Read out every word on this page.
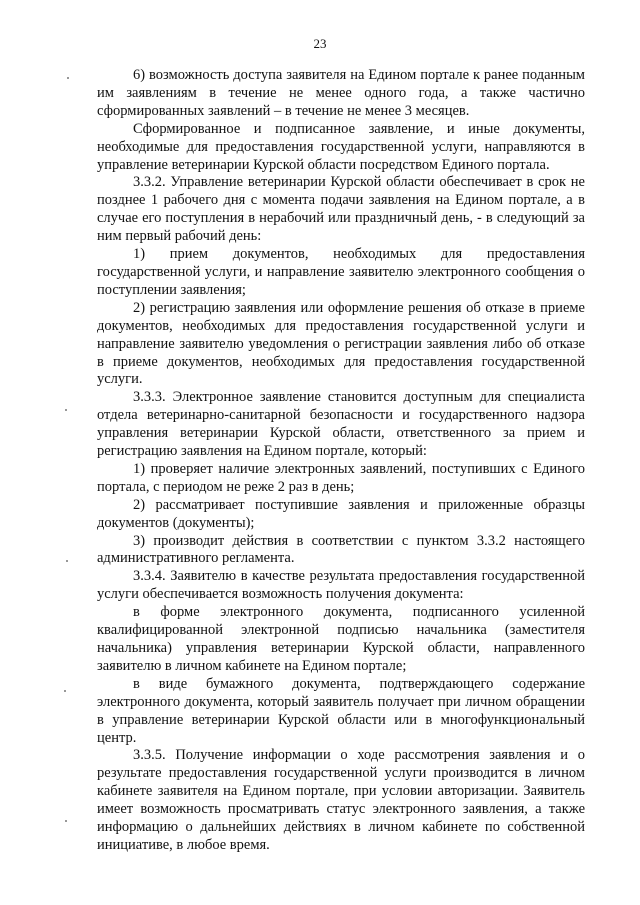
23

6) возможность доступа заявителя на Едином портале к ранее поданным им заявлениям в течение не менее одного года, а также частично сформированных заявлений – в течение не менее 3 месяцев.

Сформированное и подписанное заявление, и иные документы, необходимые для предоставления государственной услуги, направляются в управление ветеринарии Курской области посредством Единого портала.

3.3.2. Управление ветеринарии Курской области обеспечивает в срок не позднее 1 рабочего дня с момента подачи заявления на Едином портале, а в случае его поступления в нерабочий или праздничный день, - в следующий за ним первый рабочий день:

1) прием документов, необходимых для предоставления государственной услуги, и направление заявителю электронного сообщения о поступлении заявления;

2) регистрацию заявления или оформление решения об отказе в приеме документов, необходимых для предоставления государственной услуги и направление заявителю уведомления о регистрации заявления либо об отказе в приеме документов, необходимых для предоставления государственной услуги.

3.3.3. Электронное заявление становится доступным для специалиста отдела ветеринарно-санитарной безопасности и государственного надзора управления ветеринарии Курской области, ответственного за прием и регистрацию заявления на Едином портале, который:

1) проверяет наличие электронных заявлений, поступивших с Единого портала, с периодом не реже 2 раз в день;

2) рассматривает поступившие заявления и приложенные образцы документов (документы);

3) производит действия в соответствии с пунктом 3.3.2 настоящего административного регламента.

3.3.4. Заявителю в качестве результата предоставления государственной услуги обеспечивается возможность получения документа:

в форме электронного документа, подписанного усиленной квалифицированной электронной подписью начальника (заместителя начальника) управления ветеринарии Курской области, направленного заявителю в личном кабинете на Едином портале;

в виде бумажного документа, подтверждающего содержание электронного документа, который заявитель получает при личном обращении в управление ветеринарии Курской области или в многофункциональный центр.

3.3.5. Получение информации о ходе рассмотрения заявления и о результате предоставления государственной услуги производится в личном кабинете заявителя на Едином портале, при условии авторизации. Заявитель имеет возможность просматривать статус электронного заявления, а также информацию о дальнейших действиях в личном кабинете по собственной инициативе, в любое время.
